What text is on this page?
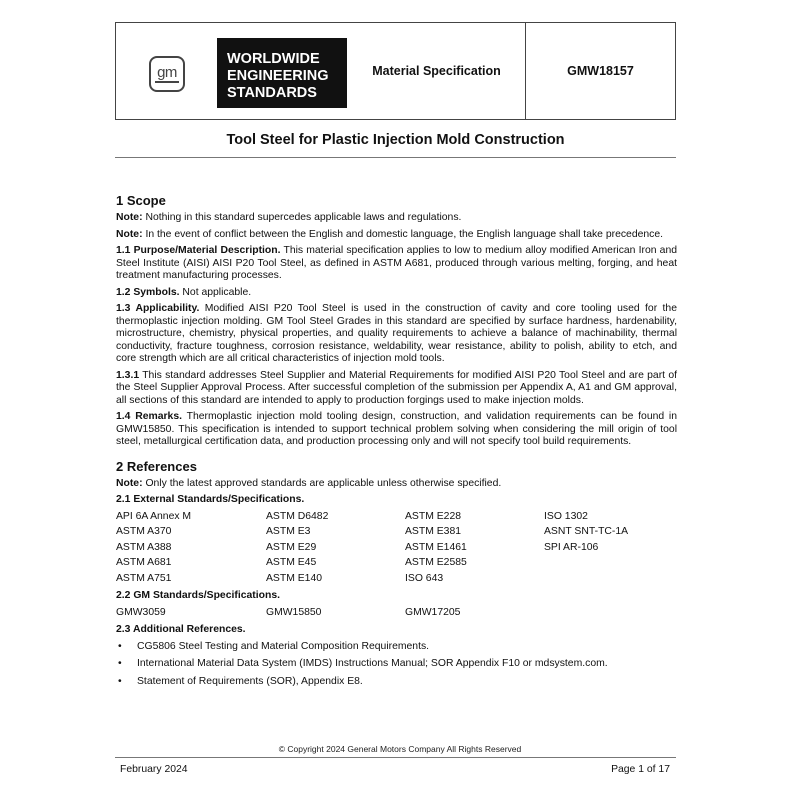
gm
WORLDWIDE
ENGINEERING
STANDARDS
Material Specification	GMW18157
Tool Steel for Plastic Injection Mold Construction
1 Scope

Note: Nothing in this standard supercedes applicable laws and regulations.

Note: In the event of conflict between the English and domestic language, the English language shall take precedence.

1.1 Purpose/Material Description. This material specification applies to low to medium alloy modified American Iron and Steel Institute (AISI) AISI P20 Tool Steel, as defined in ASTM A681, produced through various melting, forging, and heat treatment manufacturing processes.

1.2 Symbols. Not applicable.

1.3 Applicability. Modified AISI P20 Tool Steel is used in the construction of cavity and core tooling used for the thermoplastic injection molding. GM Tool Steel Grades in this standard are specified by surface hardness, hardenability, microstructure, chemistry, physical properties, and quality requirements to achieve a balance of machinability, thermal conductivity, fracture toughness, corrosion resistance, weldability, wear resistance, ability to polish, ability to etch, and core strength which are all critical characteristics of injection mold tools.

1.3.1 This standard addresses Steel Supplier and Material Requirements for modified AISI P20 Tool Steel and are part of the Steel Supplier Approval Process. After successful completion of the submission per Appendix A, A1 and GM approval, all sections of this standard are intended to apply to production forgings used to make injection molds.

1.4 Remarks. Thermoplastic injection mold tooling design, construction, and validation requirements can be found in GMW15850. This specification is intended to support technical problem solving when considering the mill origin of tool steel, metallurgical certification data, and production processing only and will not specify tool build requirements.

2 References

Note: Only the latest approved standards are applicable unless otherwise specified.

2.1 External Standards/Specifications.

API 6A Annex M	ASTM D6482	ASTM E228	ISO 1302
ASTM A370	ASTM E3	ASTM E381	ASNT SNT-TC-1A
ASTM A388	ASTM E29	ASTM E1461	SPI AR-106
ASTM A681	ASTM E45	ASTM E2585
ASTM A751	ASTM E140	ISO 643

2.2 GM Standards/Specifications.

GMW3059	GMW15850	GMW17205

2.3 Additional References.

• CG5806 Steel Testing and Material Composition Requirements.
• International Material Data System (IMDS) Instructions Manual; SOR Appendix F10 or mdsystem.com.
• Statement of Requirements (SOR), Appendix E8.
© Copyright 2024 General Motors Company All Rights Reserved
February 2024	Page 1 of 17
